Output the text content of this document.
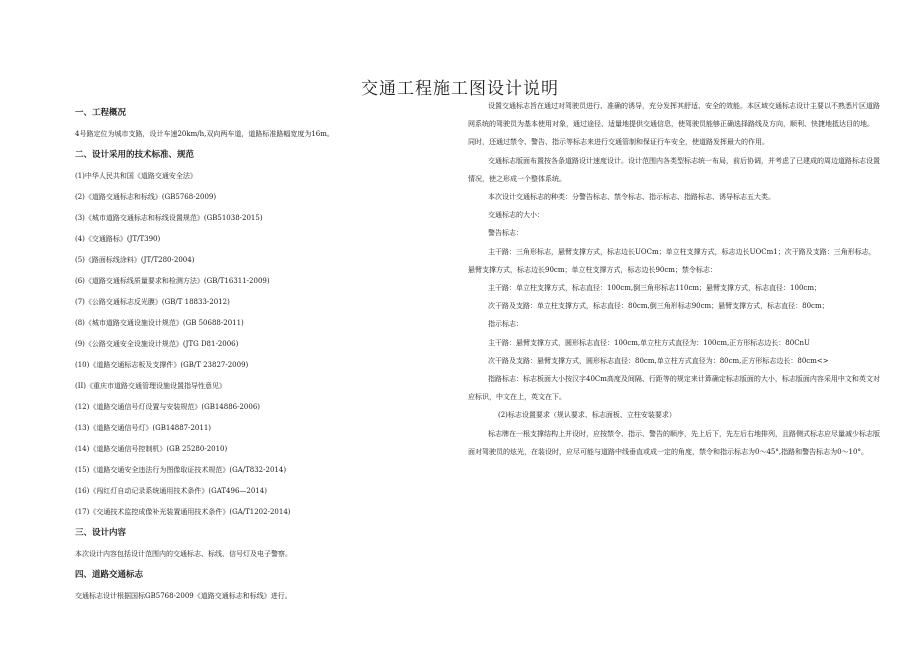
交通工程施工图设计说明
一、工程概况
4号路定位为城市支路，设计车速20km/h,双向两车道，道路标准路幅宽度为16m。
二、设计采用的技术标准、规范
(1)中华人民共和国《道路交通安全法》
(2)《道路交通标志和标线》(GB5768-2009)
(3)《城市道路交通标志和标线设置规范》(GB51038-2015)
(4)《交通路标》(JT/T390)
(5)《路面标线涂料》(JT/T280-2004)
(6)《道路交通标线质量要求和检测方法》(GB/T16311-2009)
(7)《公路交通标志反光膜》(GB/T 18833-2012)
(8)《城市道路交通设施设计规范》(GB 50688-2011)
(9)《公路交通安全设施设计规范》(JTG D81-2006)
(10)《道路交通标志板及支撑件》(GB/T 23827-2009)
(II)《重庆市道路交通管理设施设置指导性意见》
(12)《道路交通信号灯设置与安装规范》(GB14886-2006)
(13)《道路交通信号灯》(GB14887-2011)
(14)《道路交通信号控制机》(GB 25280-2010)
(15)《道路交通安全违法行为图像取证技术规范》(GA/T832-2014)
(16)《闯红灯自动记录系统通用技术条件》(GAT496—2014)
(17)《交通技术监控成像补光装置通用技术条件》(GA/T1202-2014)
三、设计内容
本次设计内容包括设计范围内的交通标志、标线、信号灯及电子警察。
四、道路交通标志
交通标志设计根据国标GB5768-2009《道路交通标志和标线》进行。
设置交通标志旨在通过对驾驶员进行、准确的诱导，充分发挥其舒适、安全的效能。本区域交通标志设计主要以不熟悉片区道路网系统的驾驶员为基本使用对象，通过途径、适量地提供交通信息，使驾驶员能够正确选择路线及方向，顺利、快捷地抵达目的地。同时，还通过禁令、警告、指示等标志来进行交通管制和保证行车安全，使道路发挥最大的作用。
交通标志版面布置按各条道路设计速度设计。设计范围内各类型标志统一布局，前后协调，并考虑了已建成的周边道路标志设置情况，使之形成一个整体系统。
本次设计交通标志的种类：分警告标志、禁令标志、指示标志、指路标志、诱导标志五大类。
交通标志的大小：
警告标志：
主干路：三角形标志，悬臂支撑方式，标志边长UOCm；单立柱支撑方式，标志边长UOCm1；次干路及支路：三角形标志，悬臂支撑方式，标志边长90cm；单立柱支撑方式，标志边长90cm；禁令标志：
主干路：单立柱支撑方式，标志直径：100cm,倒三角形标志110cm；悬臂支撑方式，标志直径：100cm；
次干路及支路：单立柱支撑方式，标志直径：80cm,倒三角形标志90cm；悬臂支撑方式，标志直径：80cm；
指示标志：
主干路：悬臂支撑方式，圆形标志直径：100cm,单立柱方式直径为：100cm,正方形标志边长：80CnU
次干路及支路：悬臂支撑方式，圆形标志直径：80cm,单立柱方式直径为：80cm,正方形标志边长：80cm<>
指路标志：标志板面大小按汉字40Cm高度及间隔、行距等的规定来计算确定标志版面的大小，标志版面内容采用中文和英文对应标识，中文在上，英文在下。
(2)标志设置要求（规认要求、标志面板、立柱安装要求）
标志牌在一根支撑结构上并设时，应按禁令、指示、警告的顺序，先上后下，先左后右地排列，且路侧式标志应尽量减少标志版面对驾驶员的炫光，在装设时，应尽可能与道路中线垂直或成一定的角度，禁令和指示标志为0～45°,指路和警告标志为0～10°。
